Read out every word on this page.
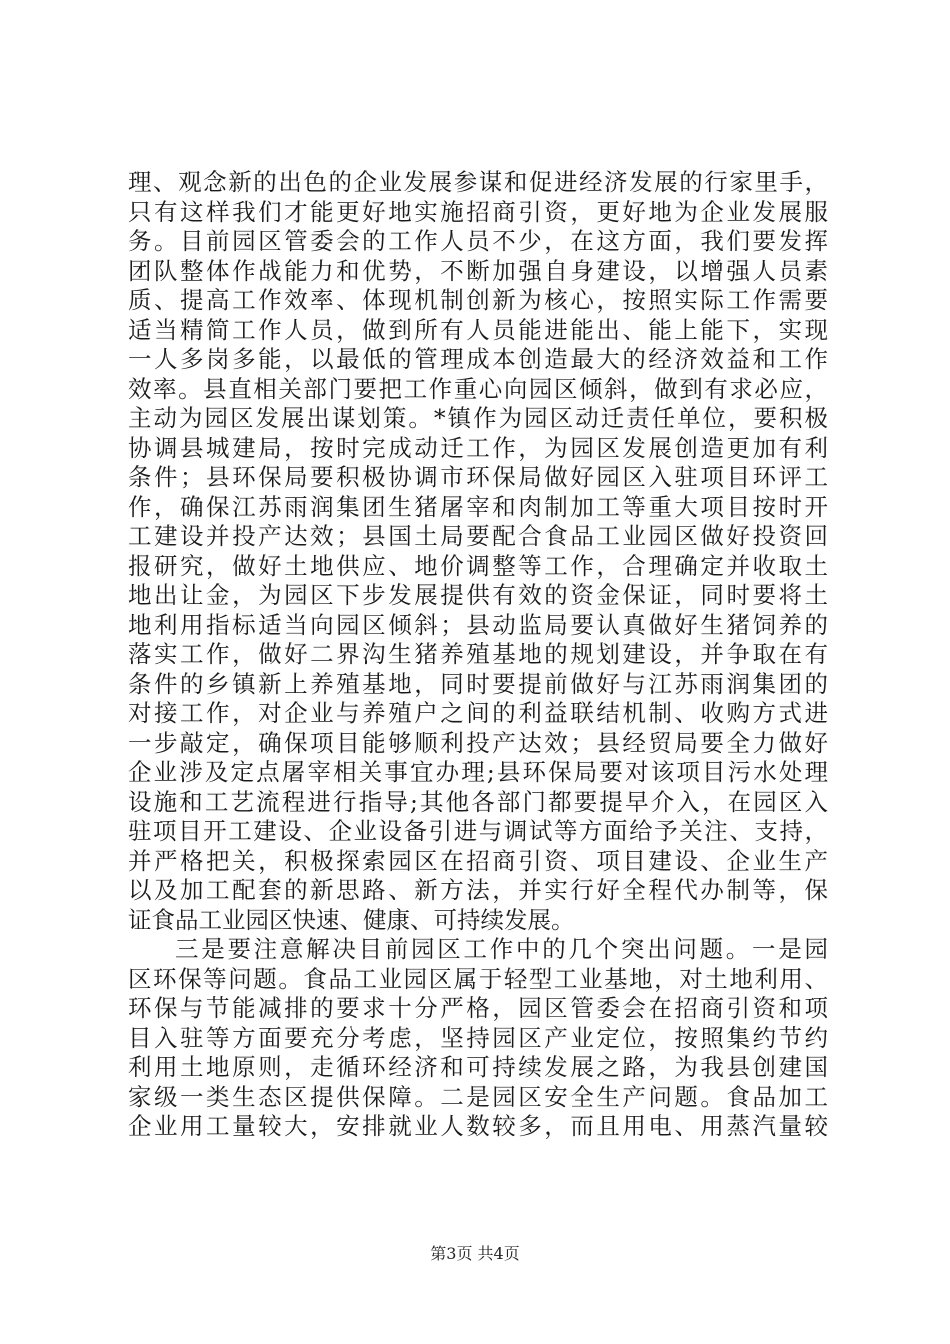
理、观念新的出色的企业发展参谋和促进经济发展的行家里手，
只有这样我们才能更好地实施招商引资，更好地为企业发展服
务。目前园区管委会的工作人员不少，在这方面，我们要发挥
团队整体作战能力和优势，不断加强自身建设，以增强人员素
质、提高工作效率、体现机制创新为核心，按照实际工作需要
适当精简工作人员，做到所有人员能进能出、能上能下，实现
一人多岗多能，以最低的管理成本创造最大的经济效益和工作
效率。县直相关部门要把工作重心向园区倾斜，做到有求必应，
主动为园区发展出谋划策。*镇作为园区动迁责任单位，要积极
协调县城建局，按时完成动迁工作，为园区发展创造更加有利
条件；县环保局要积极协调市环保局做好园区入驻项目环评工
作，确保江苏雨润集团生猪屠宰和肉制加工等重大项目按时开
工建设并投产达效；县国土局要配合食品工业园区做好投资回
报研究，做好土地供应、地价调整等工作，合理确定并收取土
地出让金，为园区下步发展提供有效的资金保证，同时要将土
地利用指标适当向园区倾斜；县动监局要认真做好生猪饲养的
落实工作，做好二界沟生猪养殖基地的规划建设，并争取在有
条件的乡镇新上养殖基地，同时要提前做好与江苏雨润集团的
对接工作，对企业与养殖户之间的利益联结机制、收购方式进
一步敲定，确保项目能够顺利投产达效；县经贸局要全力做好
企业涉及定点屠宰相关事宜办理;县环保局要对该项目污水处理
设施和工艺流程进行指导;其他各部门都要提早介入，在园区入
驻项目开工建设、企业设备引进与调试等方面给予关注、支持，
并严格把关，积极探索园区在招商引资、项目建设、企业生产
以及加工配套的新思路、新方法，并实行好全程代办制等，保
证食品工业园区快速、健康、可持续发展。
三是要注意解决目前园区工作中的几个突出问题。一是园
区环保等问题。食品工业园区属于轻型工业基地，对土地利用、
环保与节能减排的要求十分严格，园区管委会在招商引资和项
目入驻等方面要充分考虑，坚持园区产业定位，按照集约节约
利用土地原则，走循环经济和可持续发展之路，为我县创建国
家级一类生态区提供保障。二是园区安全生产问题。食品加工
企业用工量较大，安排就业人数较多，而且用电、用蒸汽量较
第3页 共4页
